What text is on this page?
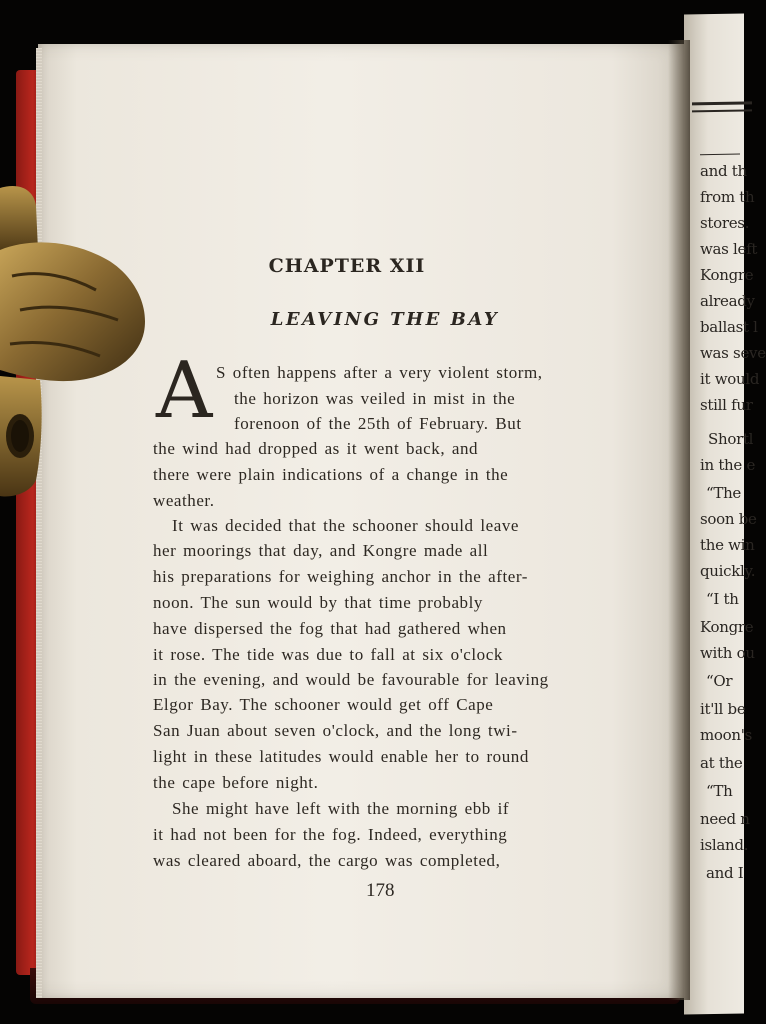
and th
from th
stores.
was left
Kongre
already
ballast l
was seve
it would
still fur
Shortl
in the e
“The
soon be
the win
quickly.
“I th
Kongre
with ou
“Or
it'll be
moon's
at the
“Th
need n
island.
and I
CHAPTER XII
LEAVING THE BAY
A S often happens after a very violent storm,
the horizon was veiled in mist in the
forenoon of the 25th of February. But
the wind had dropped as it went back, and
there were plain indications of a change in the
weather.
It was decided that the schooner should leave
her moorings that day, and Kongre made all
his preparations for weighing anchor in the after-
noon. The sun would by that time probably
have dispersed the fog that had gathered when
it rose. The tide was due to fall at six o'clock
in the evening, and would be favourable for leaving
Elgor Bay. The schooner would get off Cape
San Juan about seven o'clock, and the long twi-
light in these latitudes would enable her to round
the cape before night.
She might have left with the morning ebb if
it had not been for the fog. Indeed, everything
was cleared aboard, the cargo was completed,
178
